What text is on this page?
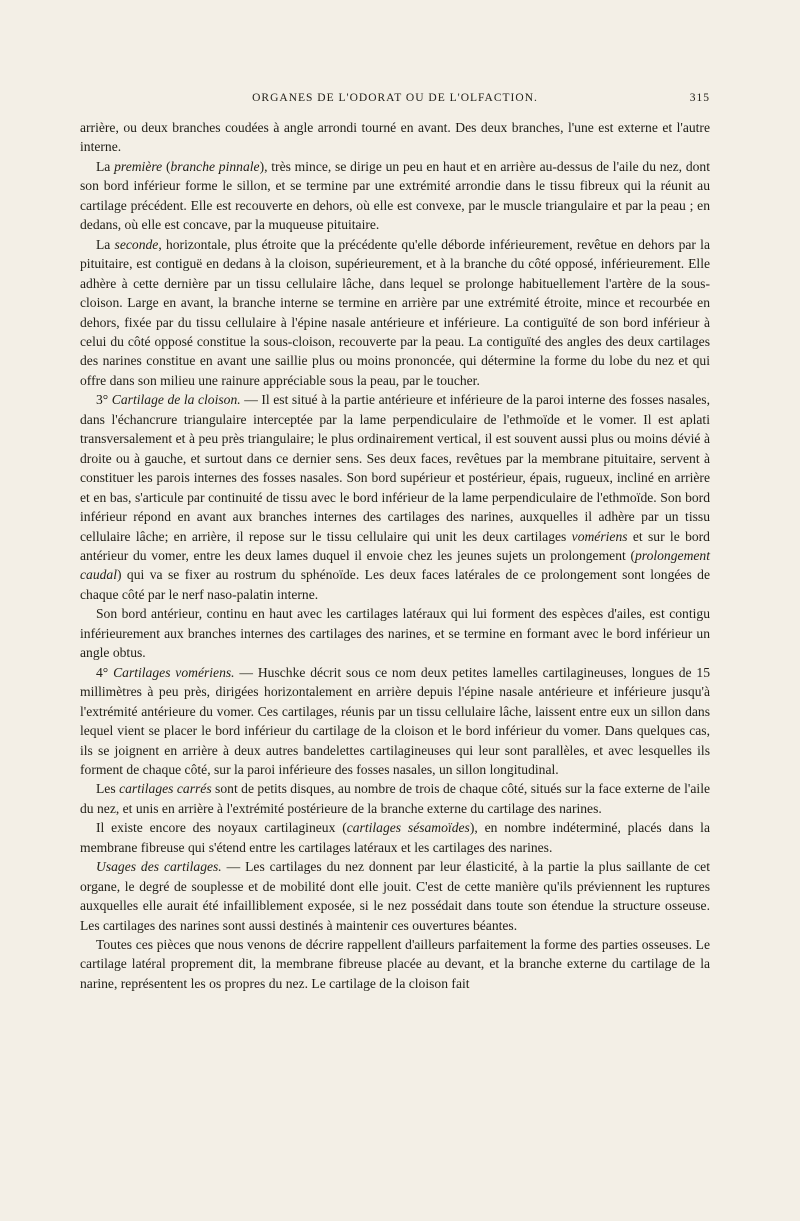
ORGANES DE L'ODORAT OU DE L'OLFACTION.	315

arrière, ou deux branches coudées à angle arrondi tourné en avant. Des deux branches, l'une est externe et l'autre interne.

La première (branche pinnale), très mince, se dirige un peu en haut et en arrière au-dessus de l'aile du nez, dont son bord inférieur forme le sillon, et se termine par une extrémité arrondie dans le tissu fibreux qui la réunit au cartilage précédent. Elle est recouverte en dehors, où elle est convexe, par le muscle triangulaire et par la peau ; en dedans, où elle est concave, par la muqueuse pituitaire.

La seconde, horizontale, plus étroite que la précédente qu'elle déborde inférieurement, revêtue en dehors par la pituitaire, est contiguë en dedans à la cloison, supérieurement, et à la branche du côté opposé, inférieurement. Elle adhère à cette dernière par un tissu cellulaire lâche, dans lequel se prolonge habituellement l'artère de la sous-cloison. Large en avant, la branche interne se termine en arrière par une extrémité étroite, mince et recourbée en dehors, fixée par du tissu cellulaire à l'épine nasale antérieure et inférieure. La contiguïté de son bord inférieur à celui du côté opposé constitue la sous-cloison, recouverte par la peau. La contiguïté des angles des deux cartilages des narines constitue en avant une saillie plus ou moins prononcée, qui détermine la forme du lobe du nez et qui offre dans son milieu une rainure appréciable sous la peau, par le toucher.

3° Cartilage de la cloison. — Il est situé à la partie antérieure et inférieure de la paroi interne des fosses nasales, dans l'échancrure triangulaire interceptée par la lame perpendiculaire de l'ethmoïde et le vomer. Il est aplati transversalement et à peu près triangulaire; le plus ordinairement vertical, il est souvent aussi plus ou moins dévié à droite ou à gauche, et surtout dans ce dernier sens. Ses deux faces, revêtues par la membrane pituitaire, servent à constituer les parois internes des fosses nasales. Son bord supérieur et postérieur, épais, rugueux, incliné en arrière et en bas, s'articule par continuité de tissu avec le bord inférieur de la lame perpendiculaire de l'ethmoïde. Son bord inférieur répond en avant aux branches internes des cartilages des narines, auxquelles il adhère par un tissu cellulaire lâche; en arrière, il repose sur le tissu cellulaire qui unit les deux cartilages vomériens et sur le bord antérieur du vomer, entre les deux lames duquel il envoie chez les jeunes sujets un prolongement (prolongement caudal) qui va se fixer au rostrum du sphénoïde. Les deux faces latérales de ce prolongement sont longées de chaque côté par le nerf naso-palatin interne.

Son bord antérieur, continu en haut avec les cartilages latéraux qui lui forment des espèces d'ailes, est contigu inférieurement aux branches internes des cartilages des narines, et se termine en formant avec le bord inférieur un angle obtus.

4° Cartilages vomériens. — Huschke décrit sous ce nom deux petites lamelles cartilagineuses, longues de 15 millimètres à peu près, dirigées horizontalement en arrière depuis l'épine nasale antérieure et inférieure jusqu'à l'extrémité antérieure du vomer. Ces cartilages, réunis par un tissu cellulaire lâche, laissent entre eux un sillon dans lequel vient se placer le bord inférieur du cartilage de la cloison et le bord inférieur du vomer. Dans quelques cas, ils se joignent en arrière à deux autres bandelettes cartilagineuses qui leur sont parallèles, et avec lesquelles ils forment de chaque côté, sur la paroi inférieure des fosses nasales, un sillon longitudinal.

Les cartilages carrés sont de petits disques, au nombre de trois de chaque côté, situés sur la face externe de l'aile du nez, et unis en arrière à l'extrémité postérieure de la branche externe du cartilage des narines.

Il existe encore des noyaux cartilagineux (cartilages sésamoïdes), en nombre indéterminé, placés dans la membrane fibreuse qui s'étend entre les cartilages latéraux et les cartilages des narines.

Usages des cartilages. — Les cartilages du nez donnent par leur élasticité, à la partie la plus saillante de cet organe, le degré de souplesse et de mobilité dont elle jouit. C'est de cette manière qu'ils préviennent les ruptures auxquelles elle aurait été infailliblement exposée, si le nez possédait dans toute son étendue la structure osseuse. Les cartilages des narines sont aussi destinés à maintenir ces ouvertures béantes.

Toutes ces pièces que nous venons de décrire rappellent d'ailleurs parfaitement la forme des parties osseuses. Le cartilage latéral proprement dit, la membrane fibreuse placée au devant, et la branche externe du cartilage de la narine, représentent les os propres du nez. Le cartilage de la cloison fait
